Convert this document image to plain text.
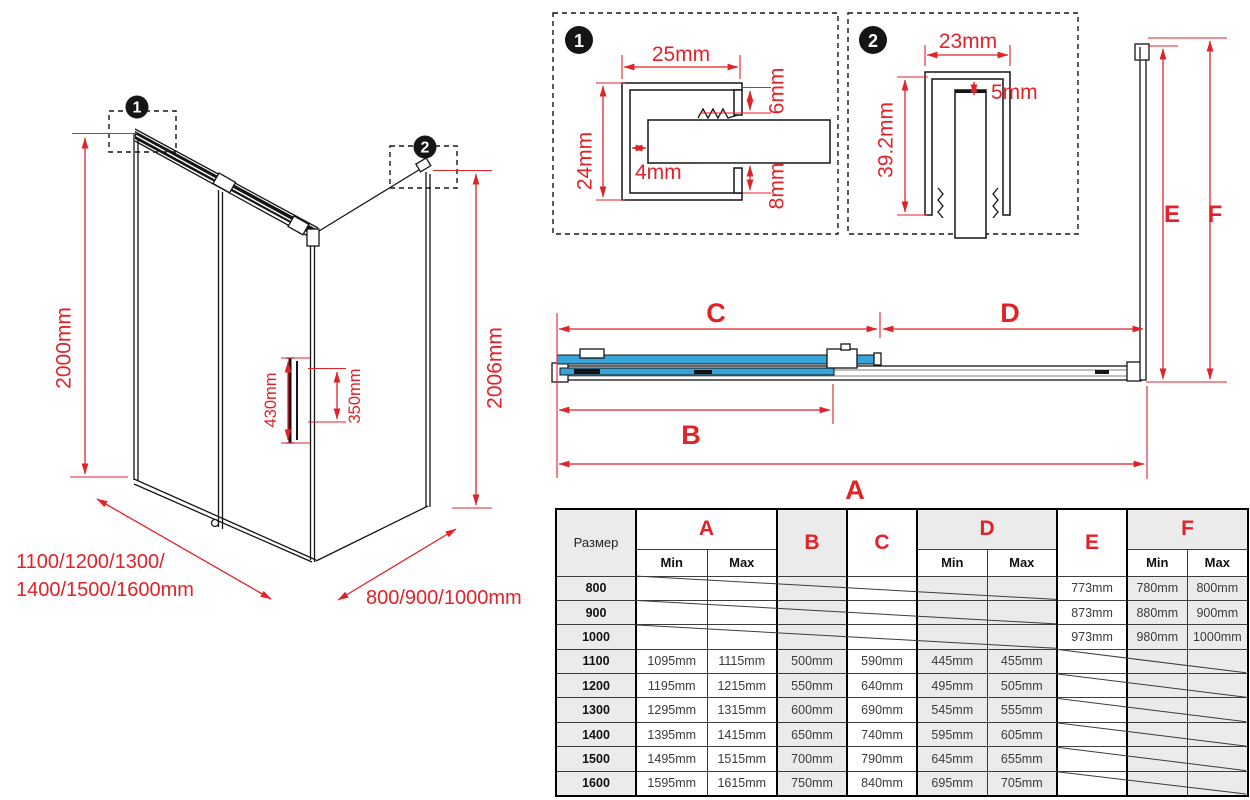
1
2
2000mm	2006mm
430mm	350mm
1100/1200/1300/
1400/1500/1600mm	800/900/1000mm
1
25mm
24mm 4mm
6mm
8mm
2	23mm
5mm
39.2mm
C	D
B
A
E F
Размер	A		B	C	D		E	F	
	Min	Max			Min	Max		Min	Max
800							773mm	780mm	800mm
900							873mm	880mm	900mm
1000							973mm	980mm	1000mm
1100	1095mm	1115mm	500mm	590mm	445mm	455mm			
1200	1195mm	1215mm	550mm	640mm	495mm	505mm			
1300	1295mm	1315mm	600mm	690mm	545mm	555mm			
1400	1395mm	1415mm	650mm	740mm	595mm	605mm			
1500	1495mm	1515mm	700mm	790mm	645mm	655mm			
1600	1595mm	1615mm	750mm	840mm	695mm	705mm			
